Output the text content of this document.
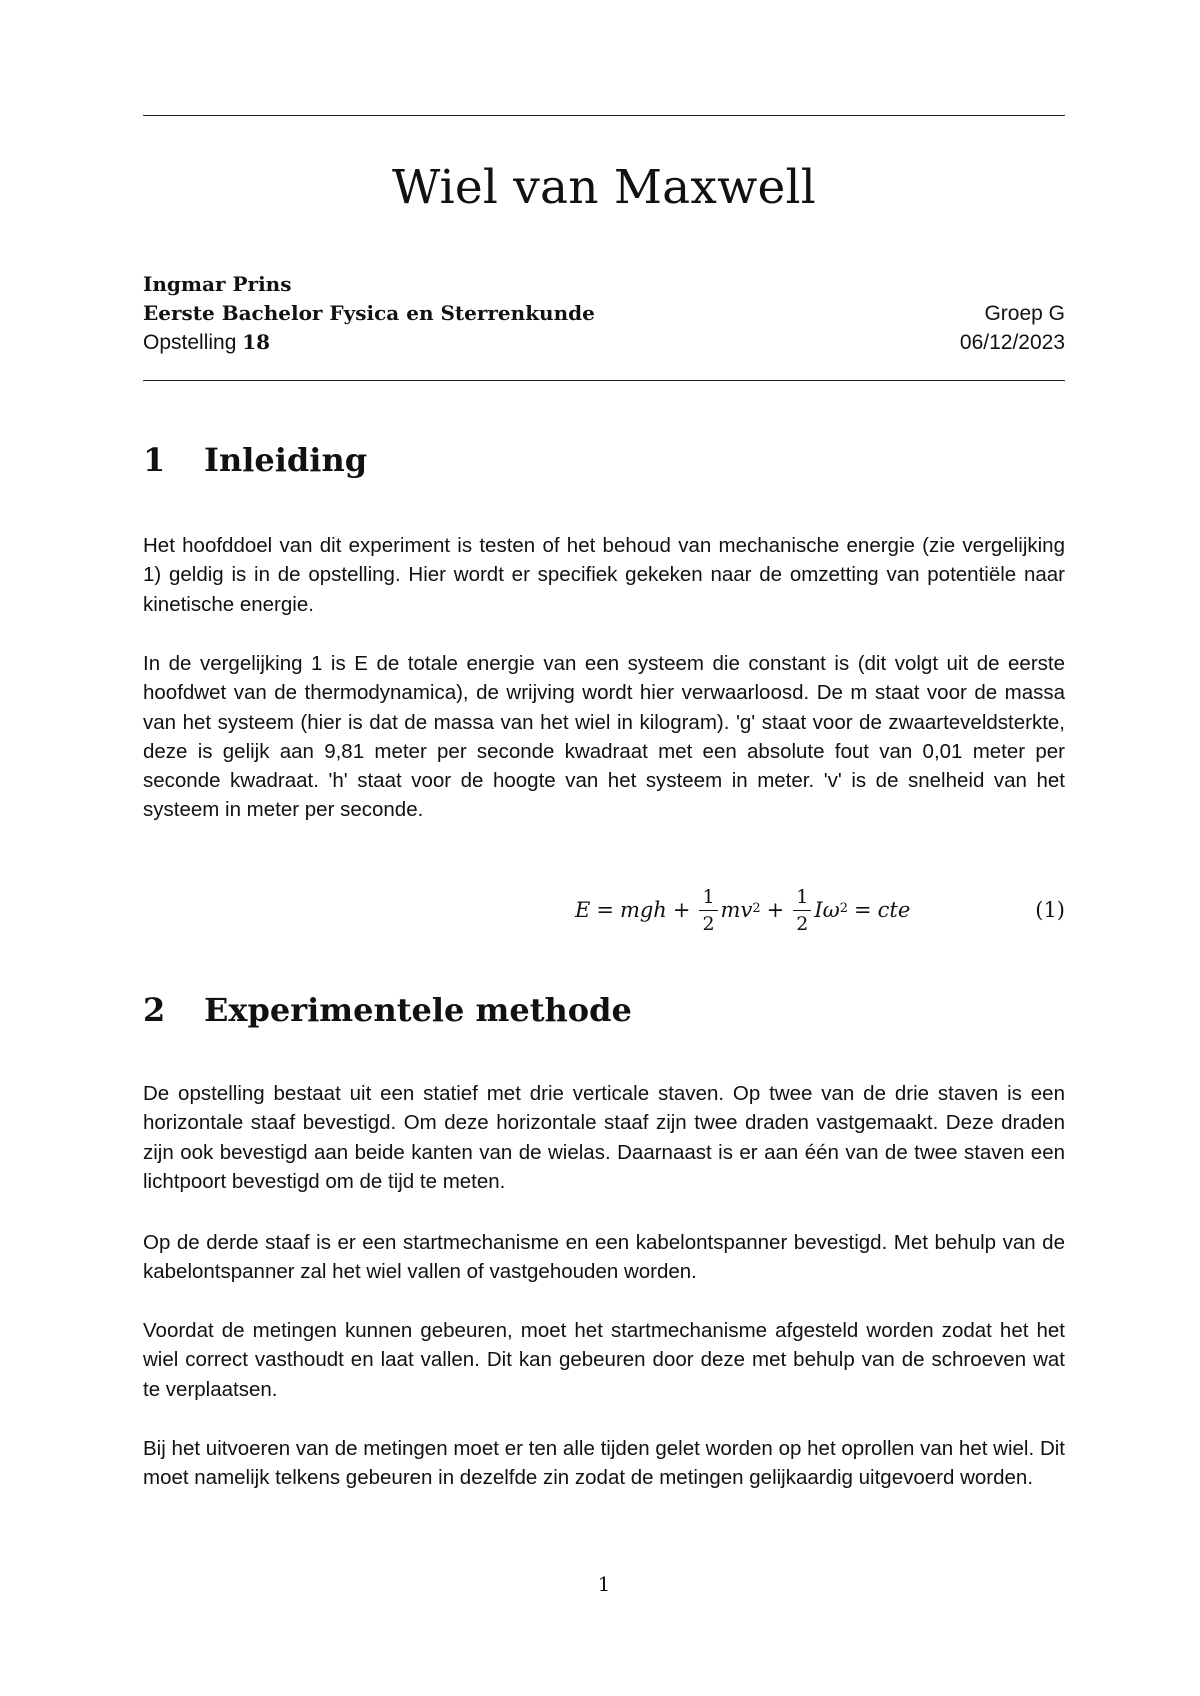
Wiel van Maxwell
Ingmar Prins
Eerste Bachelor Fysica en Sterrenkunde	Groep G
Opstelling 18	06/12/2023
1 Inleiding

Het hoofddoel van dit experiment is testen of het behoud van mechanische energie (zie vergelijking 1) geldig is in de opstelling. Hier wordt er specifiek gekeken naar de omzetting van potentiële naar kinetische energie.

In de vergelijking 1 is E de totale energie van een systeem die constant is (dit volgt uit de eerste hoofdwet van de thermodynamica), de wrijving wordt hier verwaarloosd. De m staat voor de massa van het systeem (hier is dat de massa van het wiel in kilogram). 'g' staat voor de zwaarteveldsterkte, deze is gelijk aan 9,81 meter per seconde kwadraat met een absolute fout van 0,01 meter per seconde kwadraat. 'h' staat voor de hoogte van het systeem in meter. 'v' is de snelheid van het systeem in meter per seconde.

E = mgh + $\frac{1}{2} mv^2 + \frac{1}{2} I\omega^2$ = cte	(1)
2 Experimentele methode

De opstelling bestaat uit een statief met drie verticale staven. Op twee van de drie staven is een horizontale staaf bevestigd. Om deze horizontale staaf zijn twee draden vastgemaakt. Deze draden zijn ook bevestigd aan beide kanten van de wielas. Daarnaast is er aan één van de twee staven een lichtpoort bevestigd om de tijd te meten.

Op de derde staaf is er een startmechanisme en een kabelontspanner bevestigd. Met behulp van de kabelontspanner zal het wiel vallen of vastgehouden worden.

Voordat de metingen kunnen gebeuren, moet het startmechanisme afgesteld worden zodat het het wiel correct vasthoudt en laat vallen. Dit kan gebeuren door deze met behulp van de schroeven wat te verplaatsen.

Bij het uitvoeren van de metingen moet er ten alle tijden gelet worden op het oprollen van het wiel. Dit moet namelijk telkens gebeuren in dezelfde zin zodat de metingen gelijkaardig uitgevoerd worden.

1
